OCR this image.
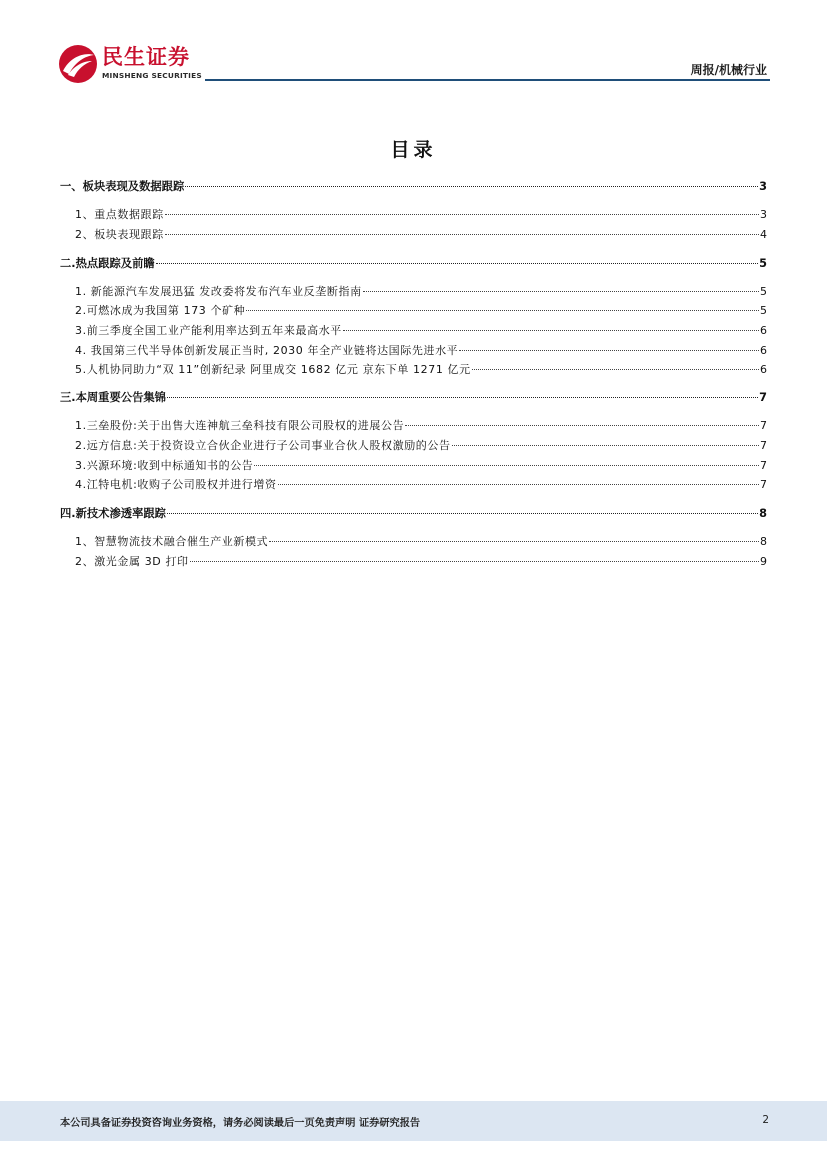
民生证券
MINSHENG SECURITIES	周报/机械行业
目录
一、板块表现及数据跟踪	3
1、重点数据跟踪	3
2、板块表现跟踪	4
二.热点跟踪及前瞻	5
1. 新能源汽车发展迅猛 发改委将发布汽车业反垄断指南	5
2.可燃冰成为我国第 173 个矿种	5
3.前三季度全国工业产能利用率达到五年来最高水平	6
4. 我国第三代半导体创新发展正当时, 2030 年全产业链将达国际先进水平	6
5.人机协同助力“双 11”创新纪录 阿里成交 1682 亿元 京东下单 1271 亿元	6
三.本周重要公告集锦	7
1.三垒股份:关于出售大连神航三垒科技有限公司股权的进展公告	7
2.远方信息:关于投资设立合伙企业进行子公司事业合伙人股权激励的公告	7
3.兴源环境:收到中标通知书的公告	7
4.江特电机:收购子公司股权并进行增资	7
四.新技术渗透率跟踪	8
1、智慧物流技术融合催生产业新模式	8
2、激光金属 3D 打印	9
本公司具备证券投资咨询业务资格，请务必阅读最后一页免责声明 证券研究报告	2
